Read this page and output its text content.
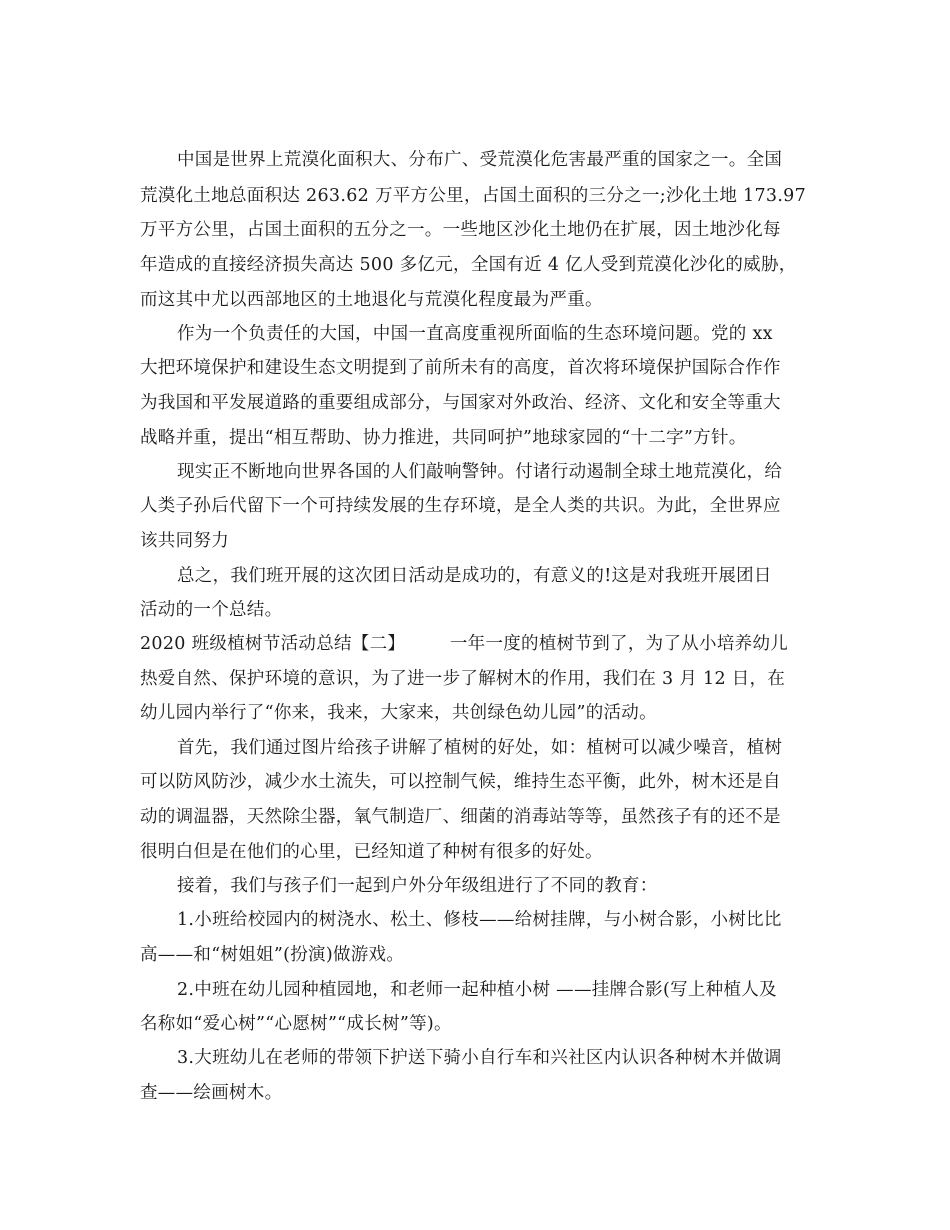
中国是世界上荒漠化面积大、分布广、受荒漠化危害最严重的国家之一。全国
荒漠化土地总面积达 263.62 万平方公里，占国土面积的三分之一;沙化土地 173.97
万平方公里，占国土面积的五分之一。一些地区沙化土地仍在扩展，因土地沙化每
年造成的直接经济损失高达 500 多亿元，全国有近 4 亿人受到荒漠化沙化的威胁，
而这其中尤以西部地区的土地退化与荒漠化程度最为严重。
作为一个负责任的大国，中国一直高度重视所面临的生态环境问题。党的 xx
大把环境保护和建设生态文明提到了前所未有的高度，首次将环境保护国际合作作
为我国和平发展道路的重要组成部分，与国家对外政治、经济、文化和安全等重大
战略并重，提出“相互帮助、协力推进，共同呵护”地球家园的“十二字”方针。
现实正不断地向世界各国的人们敲响警钟。付诸行动遏制全球土地荒漠化，给
人类子孙后代留下一个可持续发展的生存环境，是全人类的共识。为此，全世界应
该共同努力
总之，我们班开展的这次团日活动是成功的，有意义的!这是对我班开展团日
活动的一个总结。
2020 班级植树节活动总结【二】　　　一年一度的植树节到了，为了从小培养幼儿
热爱自然、保护环境的意识，为了进一步了解树木的作用，我们在 3 月 12 日，在
幼儿园内举行了“你来，我来，大家来，共创绿色幼儿园”的活动。
首先，我们通过图片给孩子讲解了植树的好处，如：植树可以减少噪音，植树
可以防风防沙，减少水土流失，可以控制气候，维持生态平衡，此外，树木还是自
动的调温器，天然除尘器，氧气制造厂、细菌的消毒站等等，虽然孩子有的还不是
很明白但是在他们的心里，已经知道了种树有很多的好处。
接着，我们与孩子们一起到户外分年级组进行了不同的教育：
1.小班给校园内的树浇水、松土、修枝——给树挂牌，与小树合影，小树比比
高——和“树姐姐”(扮演)做游戏。
2.中班在幼儿园种植园地，和老师一起种植小树 ——挂牌合影(写上种植人及
名称如“爱心树”“心愿树”“成长树”等)。
3.大班幼儿在老师的带领下护送下骑小自行车和兴社区内认识各种树木并做调
查——绘画树木。
